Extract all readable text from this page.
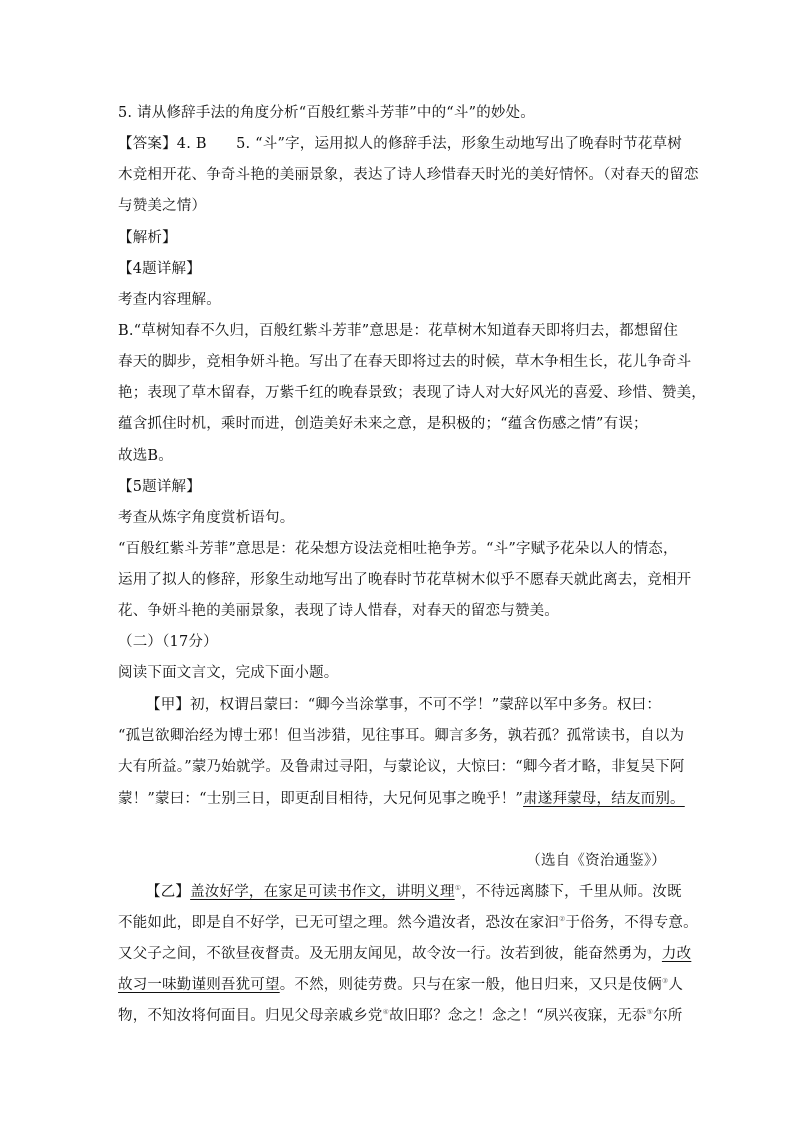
5. 请从修辞手法的角度分析“百般红紫斗芳菲”中的“斗”的妙处。
【答案】4. B　　5. “斗”字，运用拟人的修辞手法，形象生动地写出了晚春时节花草树
木竞相开花、争奇斗艳的美丽景象，表达了诗人珍惜春天时光的美好情怀。（对春天的留恋
与赞美之情）
【解析】
【4题详解】
考查内容理解。
B.“草树知春不久归，百般红紫斗芳菲”意思是：花草树木知道春天即将归去，都想留住
春天的脚步，竞相争妍斗艳。写出了在春天即将过去的时候，草木争相生长，花儿争奇斗
艳；表现了草木留春，万紫千红的晚春景致；表现了诗人对大好风光的喜爱、珍惜、赞美，
蕴含抓住时机，乘时而进，创造美好未来之意，是积极的；“蕴含伤感之情”有误；
故选B。
【5题详解】
考查从炼字角度赏析语句。
“百般红紫斗芳菲”意思是：花朵想方设法竞相吐艳争芳。“斗”字赋予花朵以人的情态，
运用了拟人的修辞，形象生动地写出了晚春时节花草树木似乎不愿春天就此离去，竞相开
花、争妍斗艳的美丽景象，表现了诗人惜春，对春天的留恋与赞美。
（二）（17分）
阅读下面文言文，完成下面小题。
【甲】初，权谓吕蒙曰：“卿今当涂掌事，不可不学！”蒙辞以军中多务。权曰：
“孤岂欲卿治经为博士邪！但当涉猎，见往事耳。卿言多务，孰若孤？孤常读书，自以为
大有所益。”蒙乃始就学。及鲁肃过寻阳，与蒙论议，大惊曰：“卿今者才略，非复吴下阿
蒙！”蒙曰：“士别三日，即更刮目相待，大兄何见事之晚乎！”肃遂拜蒙母，结友而别。
（选自《资治通鉴》）
【乙】盖汝好学，在家足可读书作文，讲明义理①，不待远离膝下，千里从师。汝既
不能如此，即是自不好学，已无可望之理。然今遣汝者，恐汝在家汩②于俗务，不得专意。
又父子之间，不欲昼夜督责。及无朋友闻见，故令汝一行。汝若到彼，能奋然勇为，力改
故习一味勤谨则吾犹可望。不然，则徒劳费。只与在家一般，他日归来，又只是伎俩③人
物，不知汝将何面目。归见父母亲戚乡党④故旧耶？念之！念之！“夙兴夜寐，无忝⑤尔所
